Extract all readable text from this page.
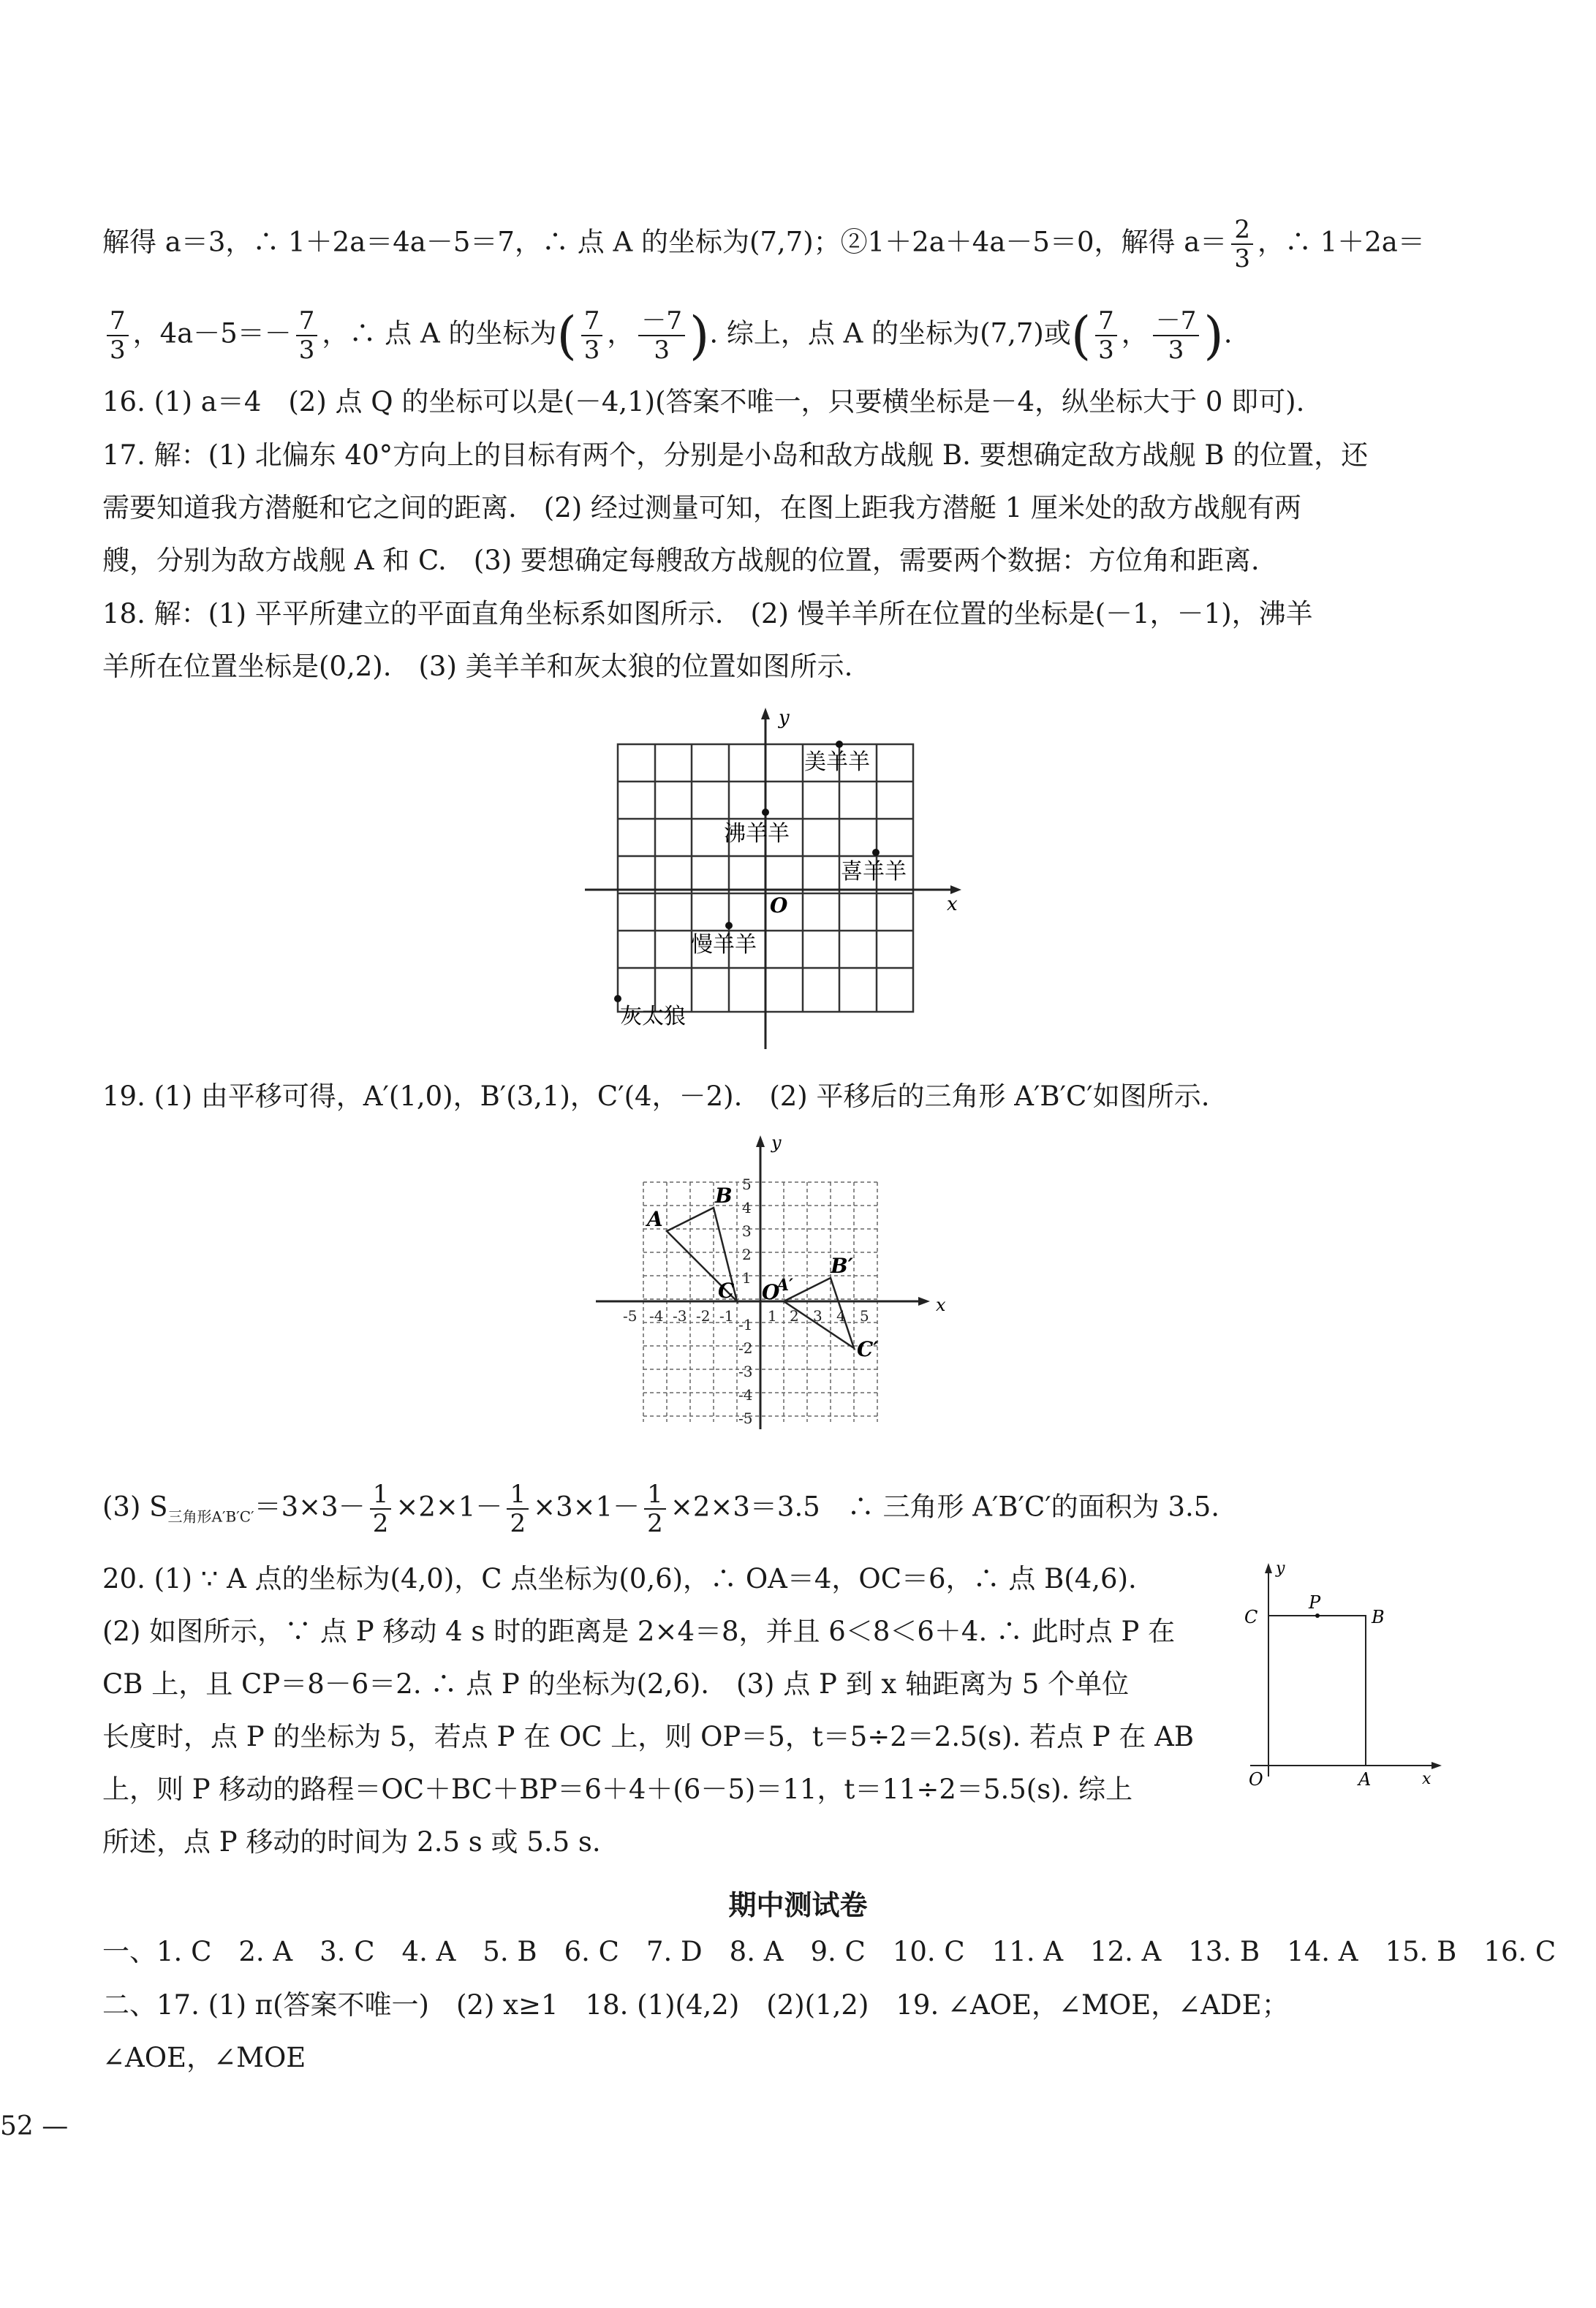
解得 a＝3，∴ 1＋2a＝4a－5＝7，∴ 点 A 的坐标为(7,7)；②1＋2a＋4a－5＝0，解得 $a= \frac{2}{3}$ ，∴ 1＋2a＝
$\frac{7}{3}$ ，$4a-5=- \frac{7}{3}$ ，∴ 点 A 的坐标为( $\frac{7}{3}$ ， $\frac{-7}{3}$ ). 综上，点 A 的坐标为(7,7)或( $\frac{7}{3}$ ， $\frac{-7}{3}$ ).
16. (1) a＝4　(2) 点 Q 的坐标可以是(－4,1)(答案不唯一，只要横坐标是－4，纵坐标大于 0 即可).
17. 解：(1) 北偏东 40°方向上的目标有两个，分别是小岛和敌方战舰 B. 要想确定敌方战舰 B 的位置，还
需要知道我方潜艇和它之间的距离.　(2) 经过测量可知，在图上距我方潜艇 1 厘米处的敌方战舰有两
艘，分别为敌方战舰 A 和 C.　(3) 要想确定每艘敌方战舰的位置，需要两个数据：方位角和距离.
18. 解：(1) 平平所建立的平面直角坐标系如图所示.　(2) 慢羊羊所在位置的坐标是(－1，－1)，沸羊
羊所在位置坐标是(0,2).　(3) 美羊羊和灰太狼的位置如图所示.
x
y
O
美羊羊
沸羊羊
喜羊羊
慢羊羊
灰太狼
19. (1) 由平移可得，A′(1,0)，B′(3,1)，C′(4，－2).　(2) 平移后的三角形 A′B′C′如图所示.
x
y
O
-5 -4 -3 -2 -1 1 2 3 4 5
5
4
3
2
1
-1
-2
-3
-4
-5
A
B
C	A′
B′
C′
(3) $S_{三角形A'B'C'}=3\times 3- \frac{1}{2} \times 2\times 1- \frac{1}{2} \times 3\times 1- \frac{1}{2} \times 2\times 3=3.5$　∴ 三角形 A′B′C′的面积为 3.5.
20. (1) ∵ A 点的坐标为(4,0)，C 点坐标为(0,6)，∴ OA＝4，OC＝6，∴ 点 B(4,6).
(2) 如图所示，∵ 点 P 移动 4 s 时的距离是 2×4＝8，并且 6＜8＜6＋4. ∴ 此时点 P 在
CB 上，且 CP＝8－6＝2. ∴ 点 P 的坐标为(2,6).　(3) 点 P 到 x 轴距离为 5 个单位
长度时，点 P 的坐标为 5，若点 P 在 OC 上，则 OP＝5，t＝5÷2＝2.5(s). 若点 P 在 AB
上，则 P 移动的路程＝OC＋BC＋BP＝6＋4＋(6－5)＝11，t＝11÷2＝5.5(s). 综上
所述，点 P 移动的时间为 2.5 s 或 5.5 s.
y
x
P
C	B
O	A
期中测试卷
一、1. C　2. A　3. C　4. A　5. B　6. C　7. D　8. A　9. C　10. C　11. A　12. A　13. B　14. A　15. B　16. C
二、17. (1) π(答案不唯一)　(2) x≥1　18. (1)(4,2)　(2)(1,2)　19. ∠AOE，∠MOE，∠ADE；
∠AOE，∠MOE
52 —
